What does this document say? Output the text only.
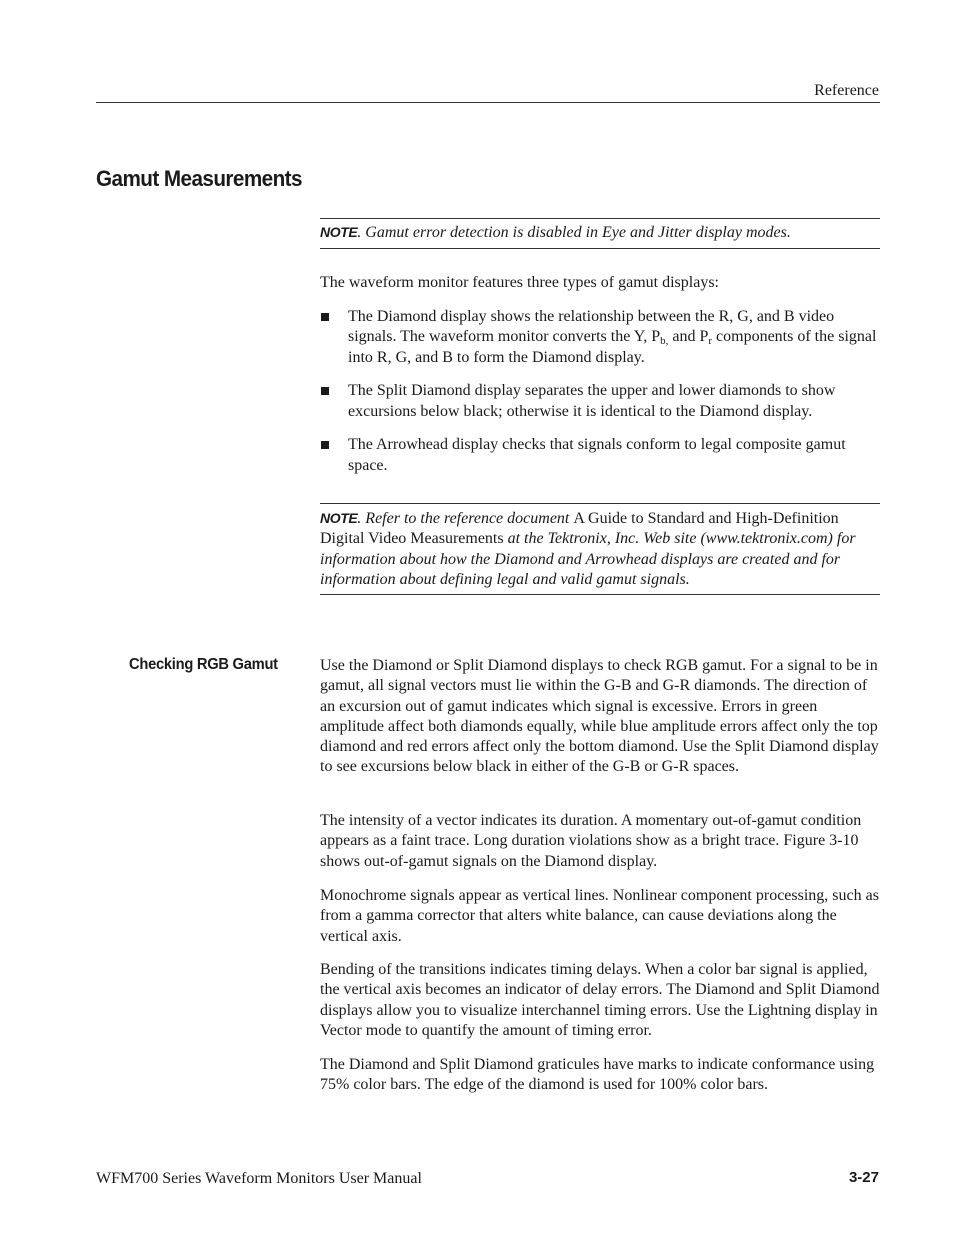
Reference
Gamut Measurements
NOTE. Gamut error detection is disabled in Eye and Jitter display modes.

The waveform monitor features three types of gamut displays:

The Diamond display shows the relationship between the R, G, and B video signals. The waveform monitor converts the Y, $P_{b,}$ and $P_r$ components of the signal into R, G, and B to form the Diamond display.

The Split Diamond display separates the upper and lower diamonds to show excursions below black; otherwise it is identical to the Diamond display.

The Arrowhead display checks that signals conform to legal composite gamut space.

NOTE. Refer to the reference document A Guide to Standard and High-Definition Digital Video Measurements at the Tektronix, Inc. Web site (www.tektronix.com) for information about how the Diamond and Arrowhead displays are created and for information about defining legal and valid gamut signals.
Checking RGB Gamut	Use the Diamond or Split Diamond displays to check RGB gamut. For a signal to be in gamut, all signal vectors must lie within the G-B and G-R diamonds. The direction of an excursion out of gamut indicates which signal is excessive. Errors in green amplitude affect both diamonds equally, while blue amplitude errors affect only the top diamond and red errors affect only the bottom diamond. Use the Split Diamond display to see excursions below black in either of the G-B or G-R spaces.

The intensity of a vector indicates its duration. A momentary out-of-gamut condition appears as a faint trace. Long duration violations show as a bright trace. Figure 3-10 shows out-of-gamut signals on the Diamond display.

Monochrome signals appear as vertical lines. Nonlinear component processing, such as from a gamma corrector that alters white balance, can cause deviations along the vertical axis.

Bending of the transitions indicates timing delays. When a color bar signal is applied, the vertical axis becomes an indicator of delay errors. The Diamond and Split Diamond displays allow you to visualize interchannel timing errors. Use the Lightning display in Vector mode to quantify the amount of timing error.

The Diamond and Split Diamond graticules have marks to indicate conformance using 75% color bars. The edge of the diamond is used for 100% color bars.

WFM700 Series Waveform Monitors User Manual	3-27
